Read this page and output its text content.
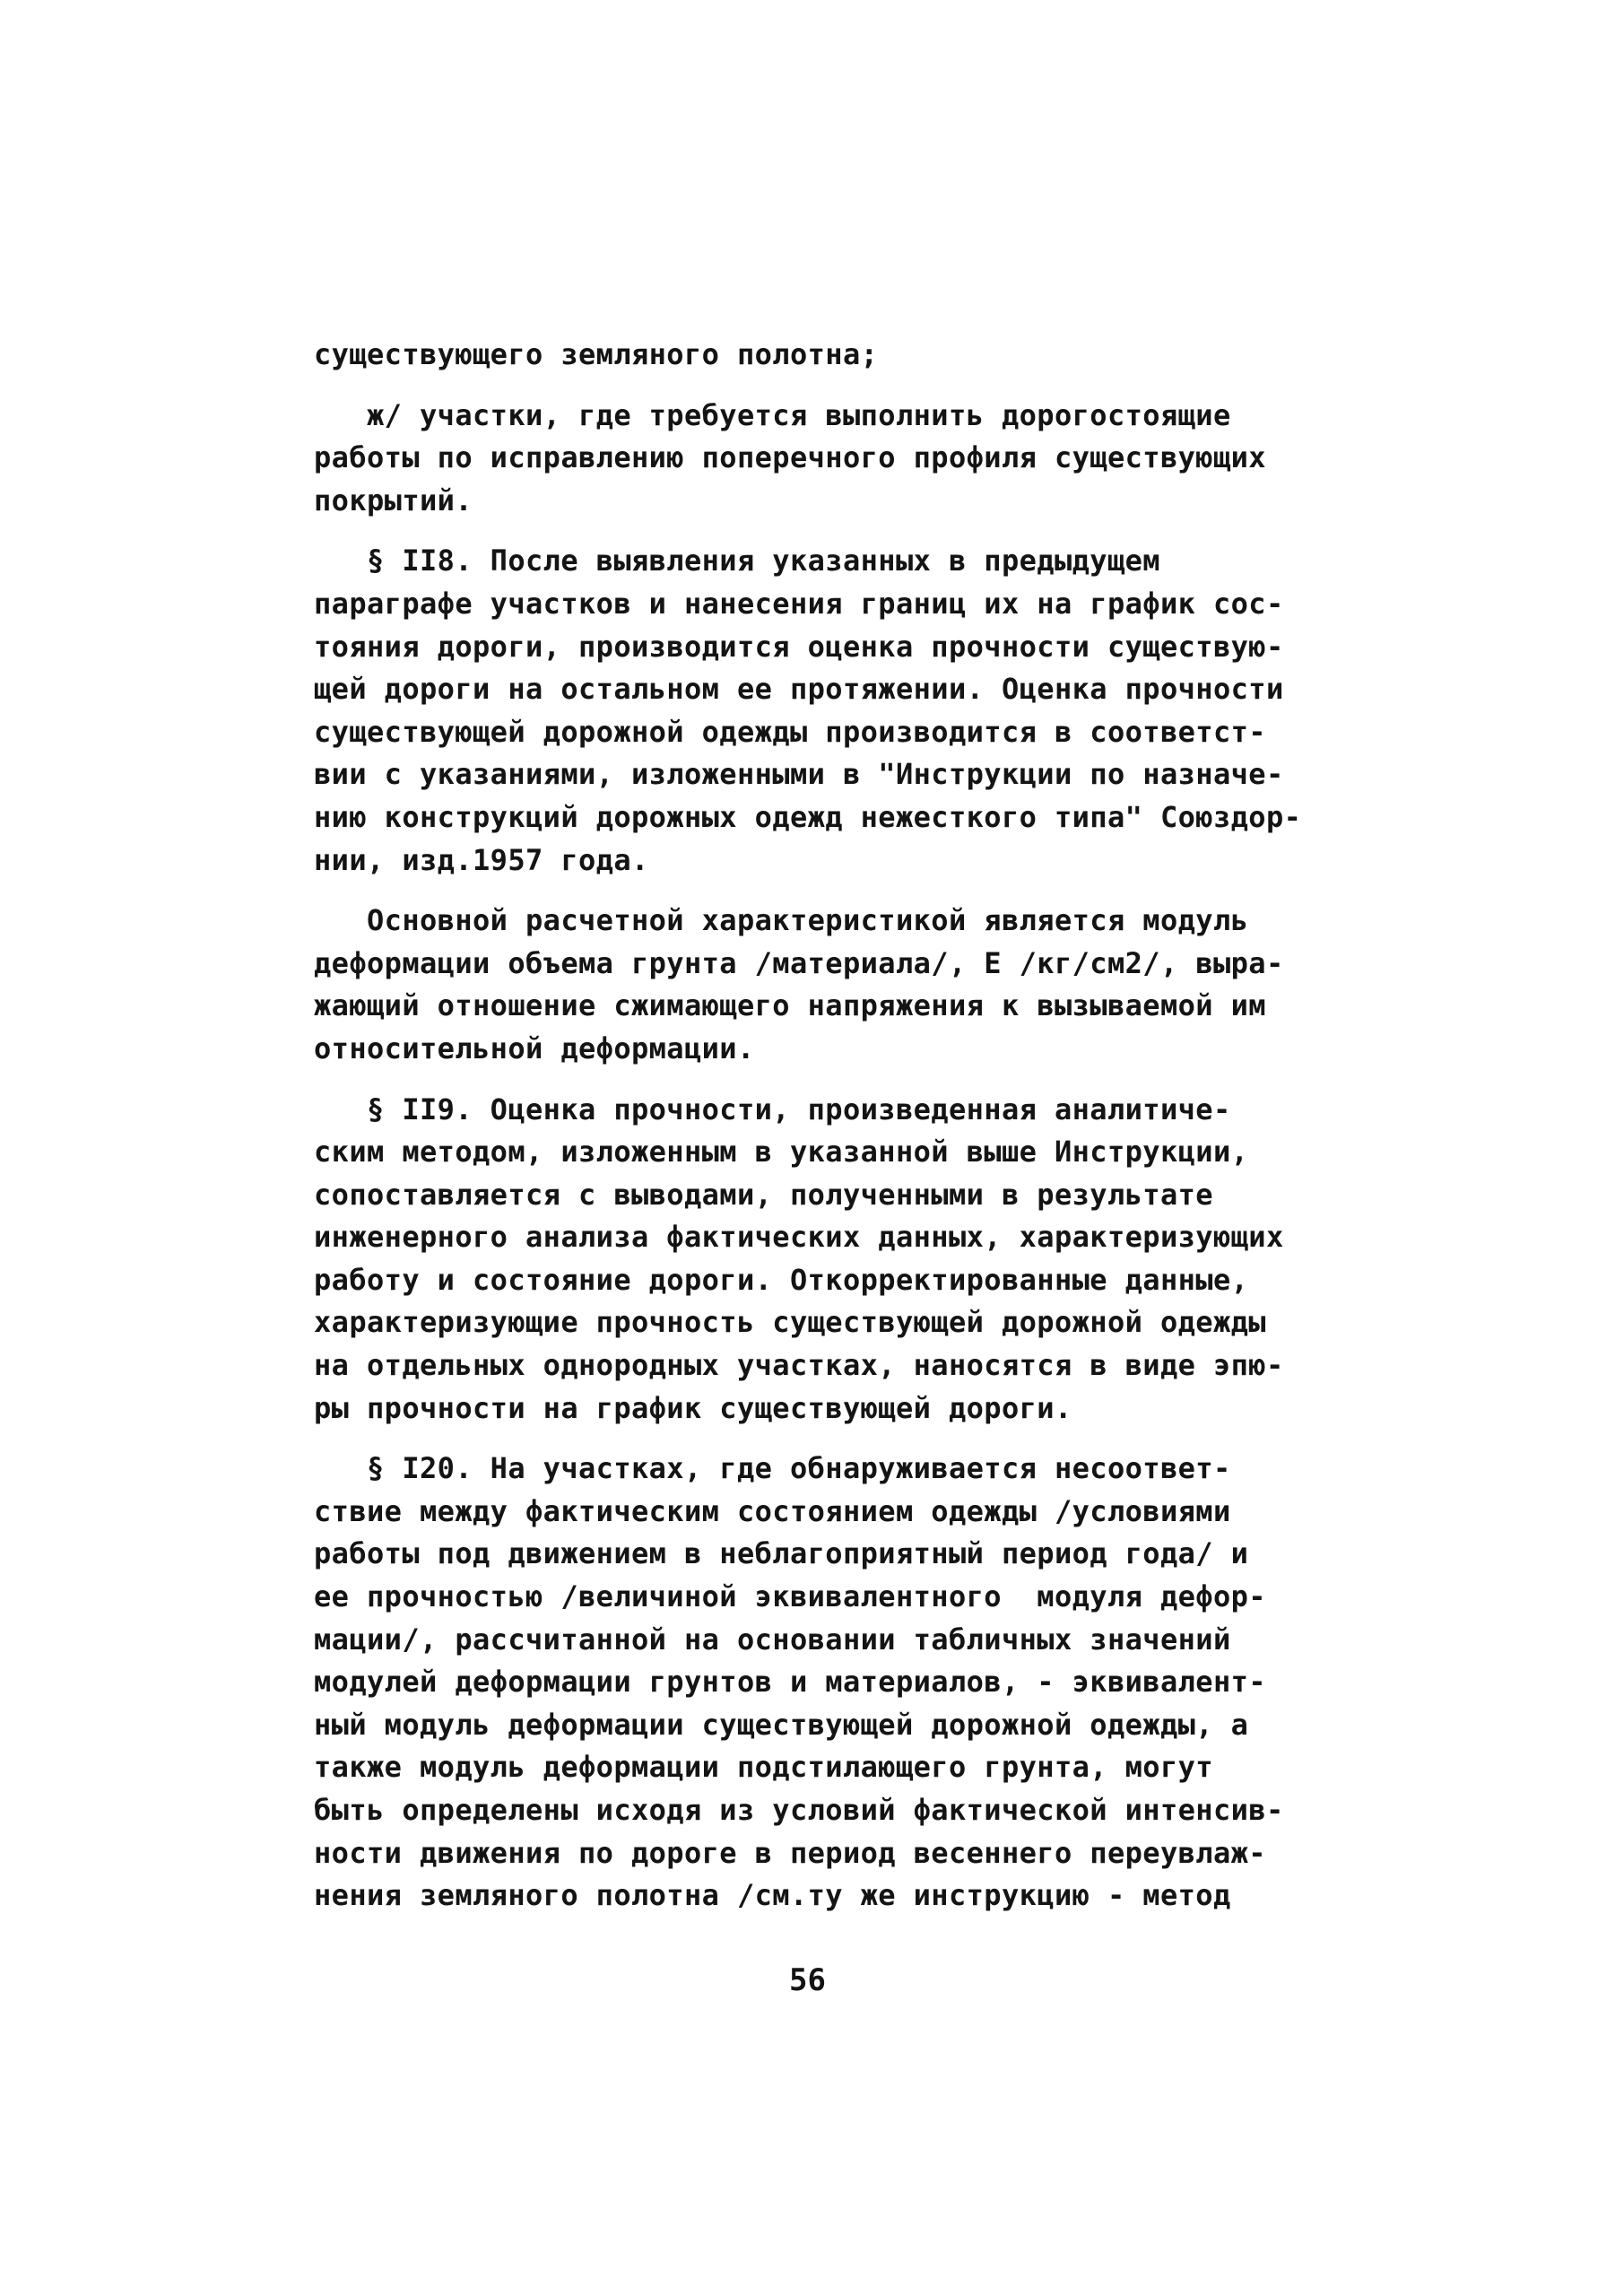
существующего земляного полотна;
ж/ участки, где требуется выполнить дорогостоящие
работы по исправлению поперечного профиля существующих
покрытий.
§ II8. После выявления указанных в предыдущем
параграфе участков и нанесения границ их на график сос-
тояния дороги, производится оценка прочности существую-
щей дороги на остальном ее протяжении. Оценка прочности
существующей дорожной одежды производится в соответст-
вии с указаниями, изложенными в "Инструкции по назначе-
нию конструкций дорожных одежд нежесткого типа" Союздор-
нии, изд.1957 года.
Основной расчетной характеристикой является модуль
деформации объема грунта /материала/, Е /кг/см2/, выра-
жающий отношение сжимающего напряжения к вызываемой им
относительной деформации.
§ II9. Оценка прочности, произведенная аналитиче-
ским методом, изложенным в указанной выше Инструкции,
сопоставляется с выводами, полученными в результате
инженерного анализа фактических данных, характеризующих
работу и состояние дороги. Откорректированные данные,
характеризующие прочность существующей дорожной одежды
на отдельных однородных участках, наносятся в виде эпю-
ры прочности на график существующей дороги.
§ I20. На участках, где обнаруживается несоответ-
ствие между фактическим состоянием одежды /условиями
работы под движением в неблагоприятный период года/ и
ее прочностью /величиной эквивалентного  модуля дефор-
мации/, рассчитанной на основании табличных значений
модулей деформации грунтов и материалов, - эквивалент-
ный модуль деформации существующей дорожной одежды, а
также модуль деформации подстилающего грунта, могут
быть определены исходя из условий фактической интенсив-
ности движения по дороге в период весеннего переувлаж-
нения земляного полотна /см.ту же инструкцию - метод
56
